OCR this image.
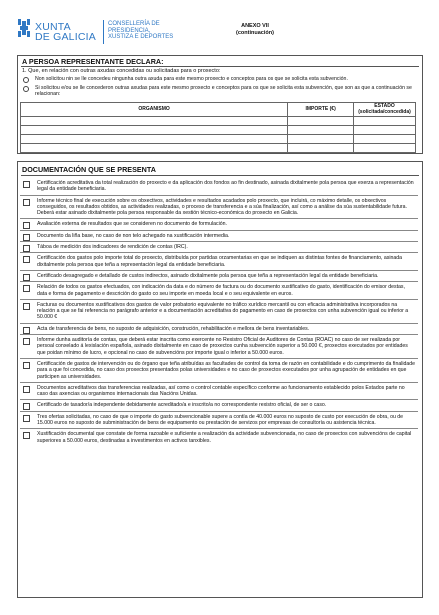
XUNTA
DE GALICIA
CONSELLERÍA DE
PRESIDENCIA,
XUSTIZA E DEPORTES
ANEXO VII
(continuación)
A PERSOA REPRESENTANTE DECLARA:
1. Que, en relación con outras axudas concedidas ou solicitadas para o proxecto:
Non solicitou nin se lle concedeu ningunha outra axuda para este mesmo proxecto e conceptos para os que se solicita esta subvención.
Si solicitou e/ou se lle concederon outras axudas para este mesmo proxecto e conceptos para os que se solicita esta subvención, que son as que a continuación se relacionan:
ORGANISMO	IMPORTE (€)	ESTADO (solicitada/concedida)

DOCUMENTACIÓN QUE SE PRESENTA
Certificación acreditativa da total realización do proxecto e da aplicación dos fondos ao fin destinado, asinada dixitalmente pola persoa que exerza a representación legal da entidade beneficiaria.
Informe técnico final de execución sobre os obxectivos, actividades e resultados acadados polo proxecto, que incluirá, co máximo detalle, os obxectivos conseguidos, os resultados obtidos, as actividades realizadas, o proceso de transferencia e a súa finalización, así como a análise da súa sustentabilidade futura. Deberá estar asinado dixitalmente pola persoa responsable da xestión técnico-económica do proxecto en Galicia.
Avaliación externa de resultados que se consideren no documento de formulación.
Documento da liña base, no caso de non telo achegado na xustificación intermedia.
Táboa de medición dos indicadores de rendición de contas (IRC).
Certificación dos gastos polo importe total do proxecto, distribuída por partidas orzamentarias en que se indiquen as distintas fontes de financiamento, asinada dixitalmente pola persoa que teña a representación legal da entidade beneficiaria.
Certificado desagregado e detallado de custos indirectos, asinado dixitalmente pola persoa que teña a representación legal da entidade beneficiaria.
Relación de todos os gastos efectuados, con indicación da data e do número de factura ou do documento xustificativo do gasto, identificación do emisor destas, data e forma de pagamento e descrición do gasto co seu importe en moeda local e o seu equivalente en euros.
Facturas ou documentos xustificativos dos gastos de valor probatorio equivalente no tráfico xurídico mercantil ou con eficacia administrativa incorporados na relación a que se fai referencia no parágrafo anterior e a documentación acreditativa do pagamento en caso de proxectos con unha subvención igual ou inferior a 50.000 €
Acta de transferencia de bens, no suposto de adquisición, construción, rehabilitación e mellora de bens inventariables.
Informe dunha auditoría de contas, que deberá estar inscrita como exercente no Rexistro Oficial de Auditores de Contas (ROAC) no caso de ser realizada por persoal conxelado á lexislación española, asinado dixitalmente en caso de proxectos cunha subvención superior a 50.000 €, proxectos executados por entidades que poidan mínimo de lucro, e opcional no caso de subvencións por importe igual o inferior a 50.000 euros.
Certificación de gastos de intervención ou do órgano que teña atribuídas as facultades de control da toma de razón en contabilidade e do cumprimento da finalidade para a que foi concedida, no caso dos proxectos presentados polas universidades e no caso de proxectos executados por unha agrupación de entidades en que participen as universidades.
Documentos acreditativos das transferencias realizadas, así como o control contable específico conforme ao funcionamento establecido polos Estados parte no caso das axencias ou organismos internacionais das Nacións Unidas.
Certificado de taxador/a independente debidamente acreditado/a e inscrito/a no correspondente rexistro oficial, de ser o caso.
Tres ofertas solicitadas, no caso de que o importe do gasto subvencionable supere a contía de 40.000 euros no suposto de custo por execución de obra, ou de 15.000 euros no suposto de subministración de bens de equipamento ou prestación de servizos por empresas de consultoría ou asistencia técnica.
Xustificación documental que constate de forma razoable e suficiente a realización da actividade subvencionada, no caso de proxectos con subvencións de capital superiores a 50.000 euros, destinadas a investimentos en activos tanxibles.
